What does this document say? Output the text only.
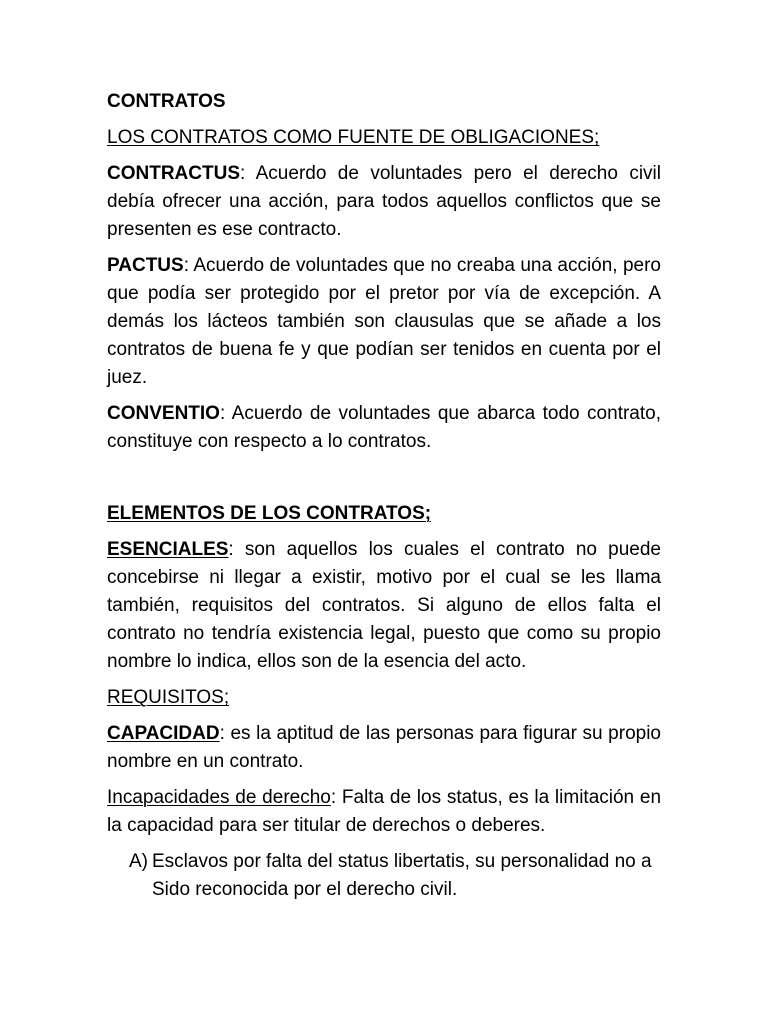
CONTRATOS

LOS CONTRATOS COMO FUENTE DE OBLIGACIONES;

CONTRACTUS: Acuerdo de voluntades pero el derecho civil debía ofrecer una acción, para todos aquellos conflictos que se presenten es ese contracto.

PACTUS: Acuerdo de voluntades que no creaba una acción, pero que podía ser protegido por el pretor por vía de excepción. A demás los lácteos también son clausulas que se añade a los contratos de buena fe y que podían ser tenidos en cuenta por el juez.

CONVENTIO: Acuerdo de voluntades que abarca todo contrato, constituye con respecto a lo contratos.

ELEMENTOS DE LOS CONTRATOS;

ESENCIALES: son aquellos los cuales el contrato no puede concebirse ni llegar a existir, motivo por el cual se les llama también, requisitos del contratos. Si alguno de ellos falta el contrato no tendría existencia legal, puesto que como su propio nombre lo indica, ellos son de la esencia del acto.

REQUISITOS;

CAPACIDAD: es la aptitud de las personas para figurar su propio nombre en un contrato.

Incapacidades de derecho: Falta de los status, es la limitación en la capacidad para ser titular de derechos o deberes.

A) Esclavos por falta del status libertatis, su personalidad no a Sido reconocida por el derecho civil.
